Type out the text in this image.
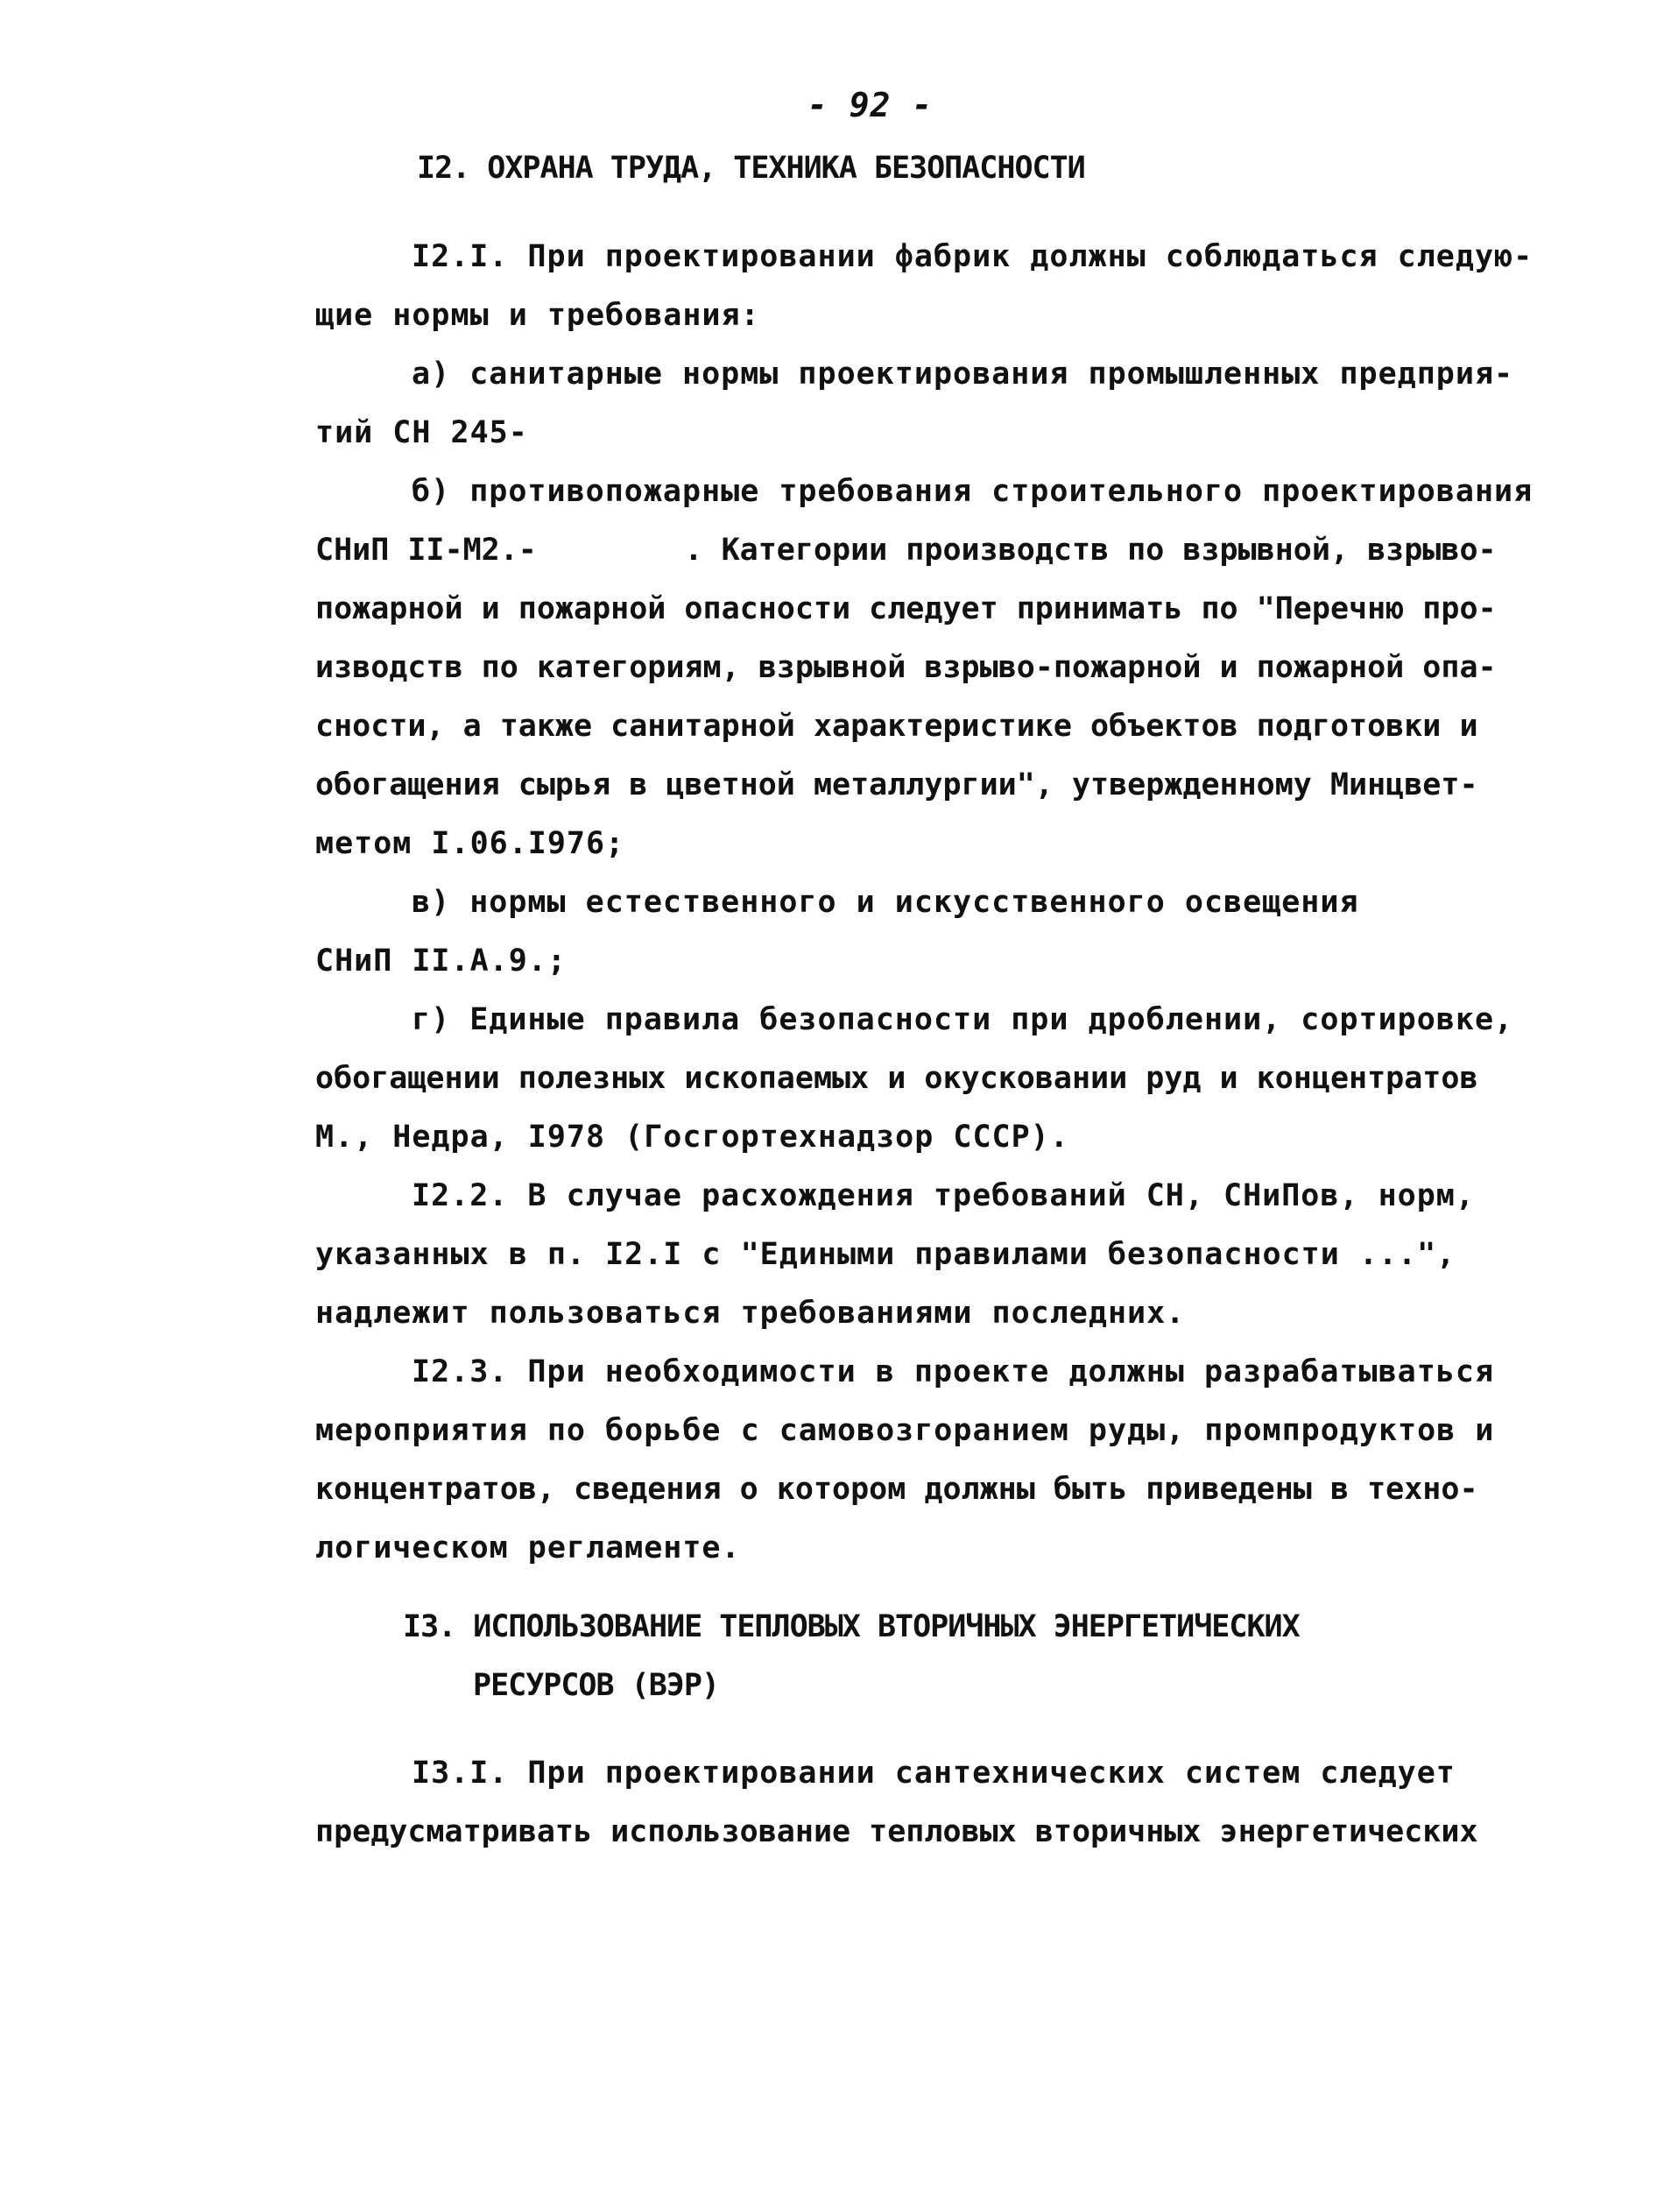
- 92 -
I2. ОХРАНА ТРУДА, ТЕХНИКА БЕЗОПАСНОСТИ
I2.I. При проектировании фабрик должны соблюдаться следую-
щие нормы и требования:
а) санитарные нормы проектирования промышленных предприя-
тий СН 245-
б) противопожарные требования строительного проектирования
СНиП II-М2.-        . Категории производств по взрывной, взрыво-
пожарной и пожарной опасности следует принимать по "Перечню про-
изводств по категориям, взрывной взрыво-пожарной и пожарной опа-
сности, а также санитарной характеристике объектов подготовки и
обогащения сырья в цветной металлургии", утвержденному Минцвет-
метом I.06.I976;
в) нормы естественного и искусственного освещения
СНиП II.А.9.;
г) Единые правила безопасности при дроблении, сортировке,
обогащении полезных ископаемых и окусковании руд и концентратов
М., Недра, I978 (Госгортехнадзор СССР).
I2.2. В случае расхождения требований СН, СНиПов, норм,
указанных в п. I2.I с "Едиными правилами безопасности ...",
надлежит пользоваться требованиями последних.
I2.3. При необходимости в проекте должны разрабатываться
мероприятия по борьбе с самовозгоранием руды, промпродуктов и
концентратов, сведения о котором должны быть приведены в техно-
логическом регламенте.
I3. ИСПОЛЬЗОВАНИЕ ТЕПЛОВЫХ ВТОРИЧНЫХ ЭНЕРГЕТИЧЕСКИХ
РЕСУРСОВ (ВЭР)
I3.I. При проектировании сантехнических систем следует
предусматривать использование тепловых вторичных энергетических
